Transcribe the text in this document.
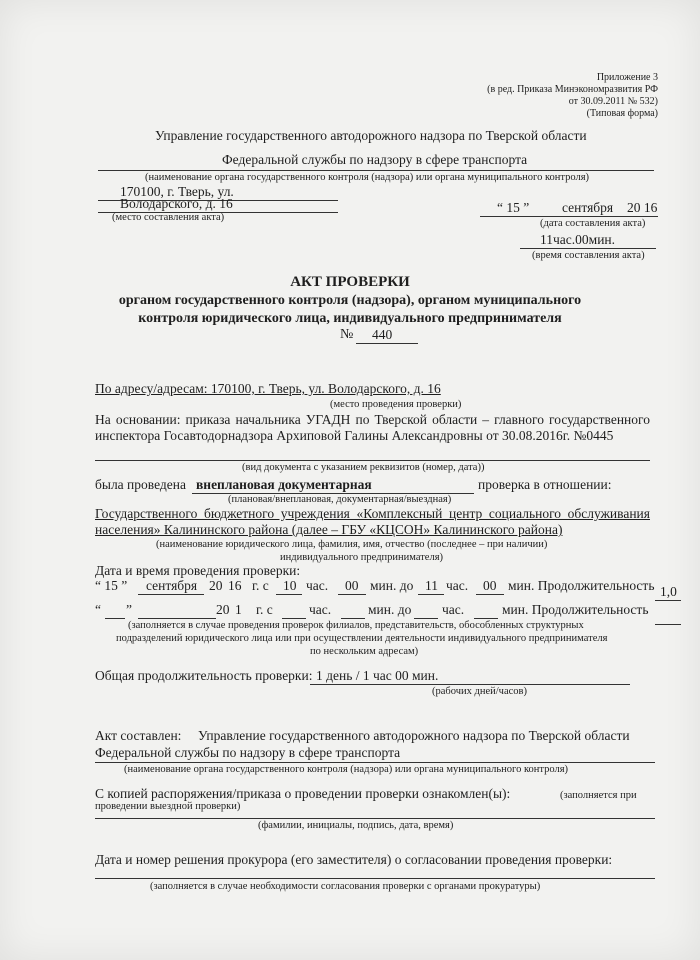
Приложение 3
(в ред. Приказа Минэкономразвития РФ
от 30.09.2011 № 532)
(Типовая форма)
Управление государственного автодорожного надзора по Тверской области
Федеральной службы по надзору в сфере транспорта
(наименование органа государственного контроля (надзора) или органа муниципального контроля)
170100, г. Тверь, ул.
Володарского, д. 16
(место составления акта)
“ 15 ” сентября 20 16
(дата составления акта)
11час.00мин.
(время составления акта)
АКТ ПРОВЕРКИ
органом государственного контроля (надзора), органом муниципального
контроля юридического лица, индивидуального предпринимателя
№ 440
По адресу/адресам: 170100, г. Тверь, ул. Володарского, д. 16
(место проведения проверки)
На основании: приказа начальника УГАДН по Тверской области – главного государственного инспектора Госавтодорнадзора Архиповой Галины Александровны от 30.08.2016г. №0445
(вид документа с указанием реквизитов (номер, дата))
была проведена внеплановая документарная	проверка в отношении:
(плановая/внеплановая, документарная/выездная)
Государственного бюджетного учреждения «Комплексный центр социального обслуживания населения» Калининского района (далее – ГБУ «КЦСОН» Калининского района)
(наименование юридического лица, фамилия, имя, отчество (последнее – при наличии)
индивидуального предпринимателя)
Дата и время проведения проверки:
“ 15 ” сентября 20 16 г. с 10 час. 00 мин. до 11 час. 00 мин. Продолжительность 1,0
“ ”	20 1 г. с	час.	мин. до час.	мин. Продолжительность
(заполняется в случае проведения проверок филиалов, представительств, обособленных структурных
подразделений юридического лица или при осуществлении деятельности индивидуального предпринимателя
по нескольким адресам)
Общая продолжительность проверки: 1 день / 1 час 00 мин.
(рабочих дней/часов)
Акт составлен: Управление государственного автодорожного надзора по Тверской области
Федеральной службы по надзору в сфере транспорта
(наименование органа государственного контроля (надзора) или органа муниципального контроля)
С копией распоряжения/приказа о проведении проверки ознакомлен(ы):	(заполняется при
проведении выездной проверки)
(фамилии, инициалы, подпись, дата, время)
Дата и номер решения прокурора (его заместителя) о согласовании проведения проверки:
(заполняется в случае необходимости согласования проверки с органами прокуратуры)
